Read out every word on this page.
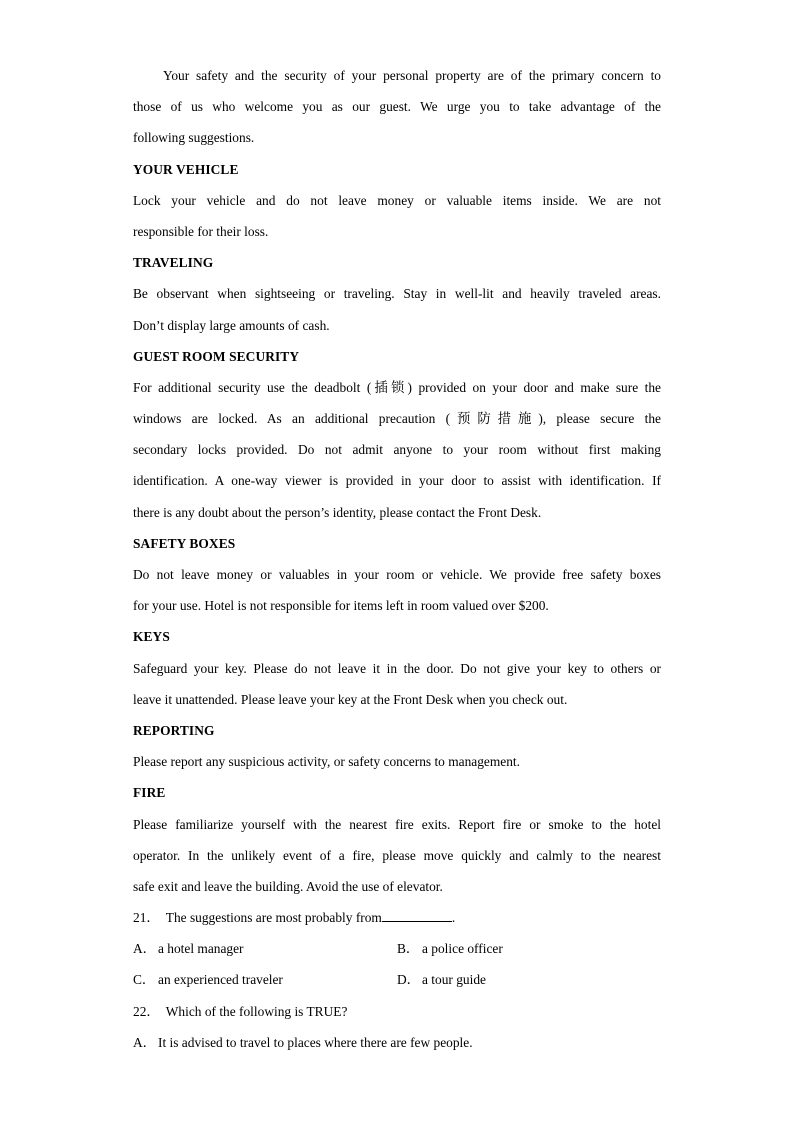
Your safety and the security of your personal property are of the primary concern to
those of us who welcome you as our guest. We urge you to take advantage of the
following suggestions.
YOUR VEHICLE
Lock your vehicle and do not leave money or valuable items inside. We are not
responsible for their loss.
TRAVELING
Be observant when sightseeing or traveling. Stay in well-lit and heavily traveled areas.
Don’t display large amounts of cash.
GUEST ROOM SECURITY
For additional security use the deadbolt (插锁) provided on your door and make sure the
windows are locked. As an additional precaution (预防措施), please secure the
secondary locks provided. Do not admit anyone to your room without first making
identification. A one-way viewer is provided in your door to assist with identification. If
there is any doubt about the person’s identity, please contact the Front Desk.
SAFETY BOXES
Do not leave money or valuables in your room or vehicle. We provide free safety boxes
for your use. Hotel is not responsible for items left in room valued over $200.
KEYS
Safeguard your key. Please do not leave it in the door. Do not give your key to others or
leave it unattended. Please leave your key at the Front Desk when you check out.
REPORTING
Please report any suspicious activity, or safety concerns to management.
FIRE
Please familiarize yourself with the nearest fire exits. Report fire or smoke to the hotel
operator. In the unlikely event of a fire, please move quickly and calmly to the nearest
safe exit and leave the building. Avoid the use of elevator.
21． The suggestions are most probably from	.
A． a hotel manager	B． a police officer
C． an experienced traveler	D． a tour guide
22． Which of the following is TRUE?
A． It is advised to travel to places where there are few people.
